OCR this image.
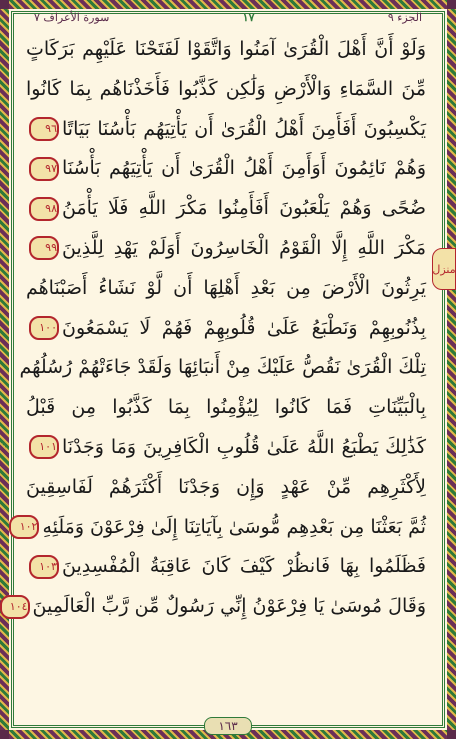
الجزء ٩
١٧
سورة الأعراف ٧
وَلَوْ أَنَّ أَهْلَ الْقُرَىٰ آمَنُوا وَاتَّقَوْا لَفَتَحْنَا عَلَيْهِم بَرَكَاتٍ
مِّنَ السَّمَاءِ وَالْأَرْضِ وَلَٰكِن كَذَّبُوا فَأَخَذْنَاهُم بِمَا كَانُوا
يَكْسِبُونَ أَفَأَمِنَ أَهْلُ الْقُرَىٰ أَن يَأْتِيَهُم بَأْسُنَا بَيَاتًا٩٦
وَهُمْ نَائِمُونَ أَوَأَمِنَ أَهْلُ الْقُرَىٰ أَن يَأْتِيَهُم بَأْسُنَا٩٧
ضُحًى وَهُمْ يَلْعَبُونَ أَفَأَمِنُوا مَكْرَ اللَّهِ فَلَا يَأْمَنُ٩٨
مَكْرَ اللَّهِ إِلَّا الْقَوْمُ الْخَاسِرُونَ أَوَلَمْ يَهْدِ لِلَّذِينَ٩٩
يَرِثُونَ الْأَرْضَ مِن بَعْدِ أَهْلِهَا أَن لَّوْ نَشَاءُ أَصَبْنَاهُم
بِذُنُوبِهِمْ وَنَطْبَعُ عَلَىٰ قُلُوبِهِمْ فَهُمْ لَا يَسْمَعُونَ١٠٠
تِلْكَ الْقُرَىٰ نَقُصُّ عَلَيْكَ مِنْ أَنبَائِهَا وَلَقَدْ جَاءَتْهُمْ رُسُلُهُم
بِالْبَيِّنَاتِ فَمَا كَانُوا لِيُؤْمِنُوا بِمَا كَذَّبُوا مِن قَبْلُ
كَذَٰلِكَ يَطْبَعُ اللَّهُ عَلَىٰ قُلُوبِ الْكَافِرِينَ وَمَا وَجَدْنَا١٠١
لِأَكْثَرِهِم مِّنْ عَهْدٍ وَإِن وَجَدْنَا أَكْثَرَهُمْ لَفَاسِقِينَ
ثُمَّ بَعَثْنَا مِن بَعْدِهِم مُّوسَىٰ بِآيَاتِنَا إِلَىٰ فِرْعَوْنَ وَمَلَئِهِ١٠٢
فَظَلَمُوا بِهَا فَانظُرْ كَيْفَ كَانَ عَاقِبَةُ الْمُفْسِدِينَ١٠٣
وَقَالَ مُوسَىٰ يَا فِرْعَوْنُ إِنِّي رَسُولٌ مِّن رَّبِّ الْعَالَمِينَ١٠٤
منزل
١٦٣
